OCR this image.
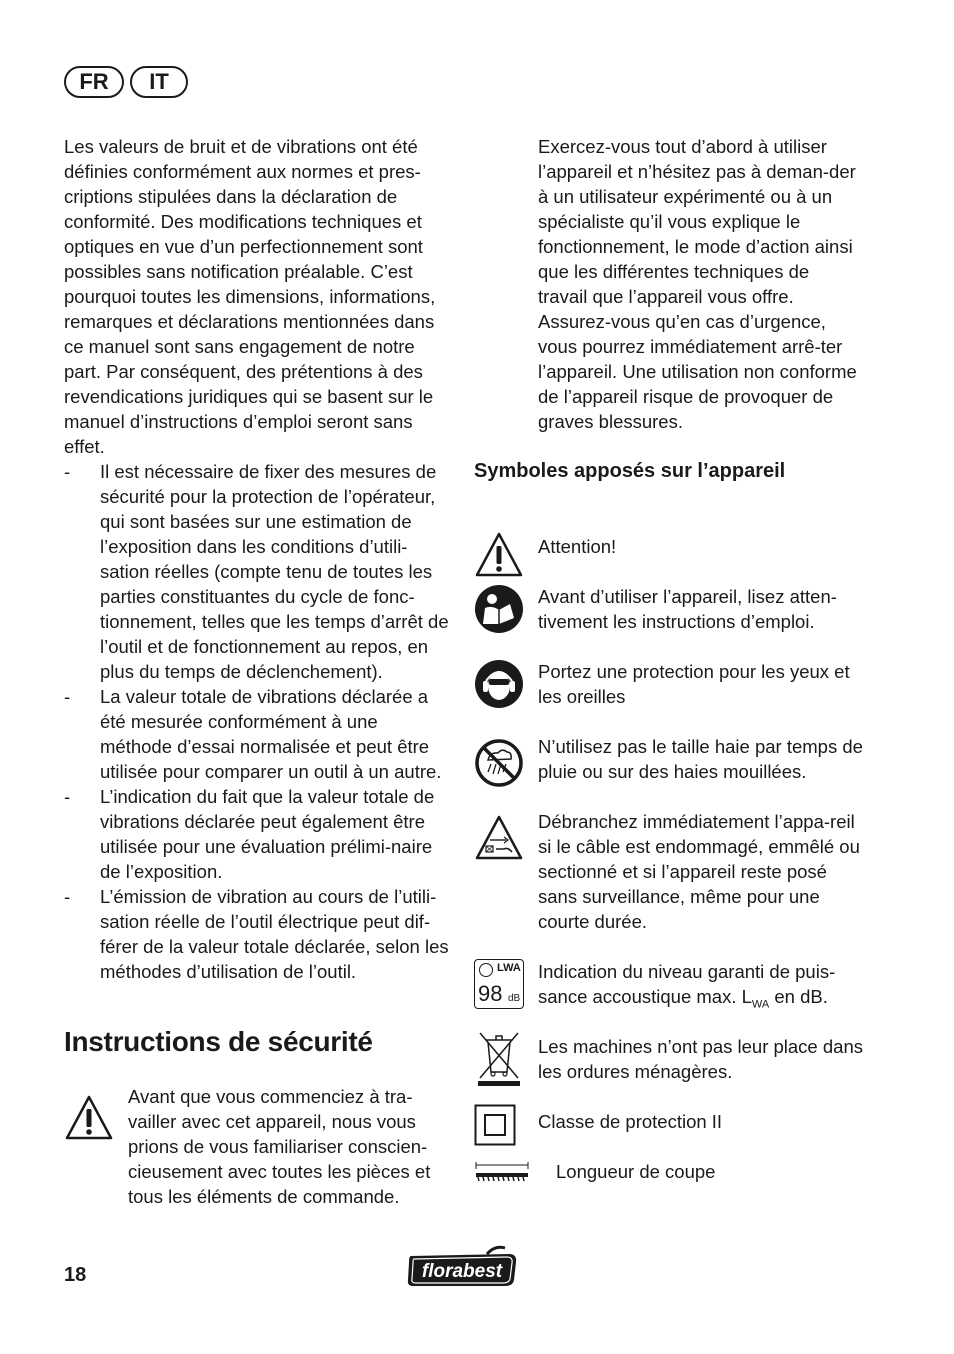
FR	IT

Les valeurs de bruit et de vibrations ont été définies conformément aux normes et pres-criptions stipulées dans la déclaration de conformité. Des modifications techniques et optiques en vue d’un perfectionnement sont possibles sans notification préalable. C’est pourquoi toutes les dimensions, informations, remarques et déclarations mentionnées dans ce manuel sont sans engagement de notre part. Par conséquent, des prétentions à des revendications juridiques qui se basent sur le manuel d’instructions d’emploi seront sans effet.

- Il est nécessaire de fixer des mesures de sécurité pour la protection de l’opérateur, qui sont basées sur une estimation de l’exposition dans les conditions d’utili-sation réelles (compte tenu de toutes les parties constituantes du cycle de fonc-tionnement, telles que les temps d’arrêt de l’outil et de fonctionnement au repos, en plus du temps de déclenchement).
- La valeur totale de vibrations déclarée a été mesurée conformément à une méthode d’essai normalisée et peut être utilisée pour comparer un outil à un autre.
- L’indication du fait que la valeur totale de vibrations déclarée peut également être utilisée pour une évaluation prélimi-naire de l’exposition.
- L’émission de vibration au cours de l’utili-sation réelle de l’outil électrique peut dif-férer de la valeur totale déclarée, selon les méthodes d’utilisation de l’outil.
Instructions de sécurité

Avant que vous commenciez à tra-vailler avec cet appareil, nous vous prions de vous familiariser conscien-cieusement avec toutes les pièces et tous les éléments de commande.

Exercez-vous tout d’abord à utiliser l’appareil et n’hésitez pas à deman-der à un utilisateur expérimenté ou à un spécialiste qu’il vous explique le fonctionnement, le mode d’action ainsi que les différentes techniques de travail que l’appareil vous offre. Assurez-vous qu’en cas d’urgence, vous pourrez immédiatement arrê-ter l’appareil. Une utilisation non conforme de l’appareil risque de provoquer de graves blessures.

Symboles apposés sur l’appareil

Attention!

Avant d’utiliser l’appareil, lisez atten-tivement les instructions d’emploi.

Portez une protection pour les yeux et les oreilles

N’utilisez pas le taille haie par temps de pluie ou sur des haies mouillées.

Débranchez immédiatement l’appa-reil si le câble est endommagé, emmêlé ou sectionné et si l’appareil reste posé sans surveillance, même pour une courte durée.

LWA
98 dB

Indication du niveau garanti de puis-sance accoustique max. $L_{WA}$ en dB.

Les machines n’ont pas leur place dans les ordures ménagères.

Classe de protection II

Longueur de coupe

18	florabest
